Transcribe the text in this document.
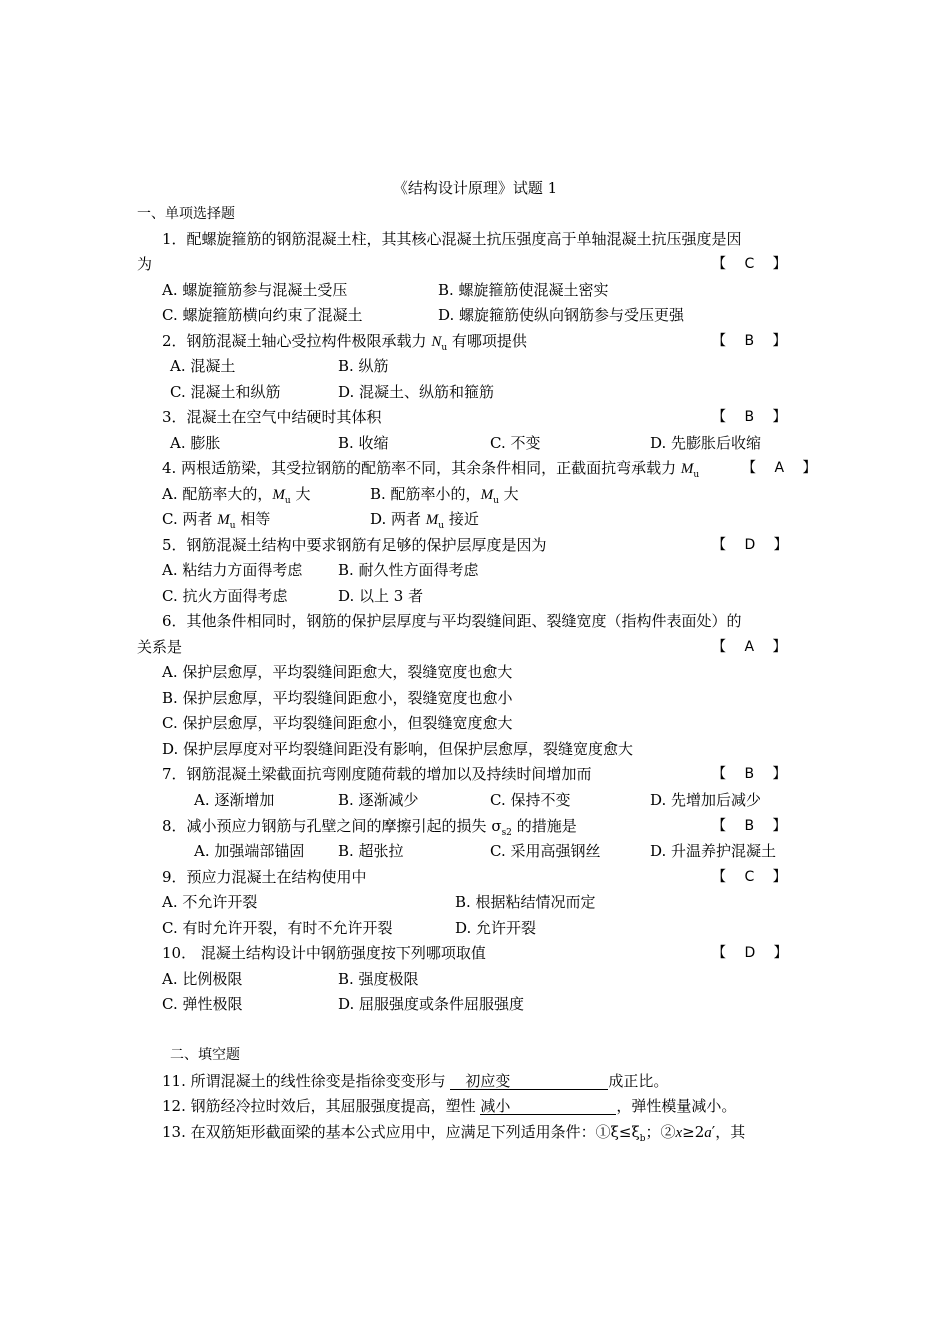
《结构设计原理》试题 1
一、单项选择题
1．配螺旋箍筋的钢筋混凝土柱，其其核心混凝土抗压强度高于单轴混凝土抗压强度是因
为	【　 C　 】
A. 螺旋箍筋参与混凝土受压	B. 螺旋箍筋使混凝土密实
C. 螺旋箍筋横向约束了混凝土	D. 螺旋箍筋使纵向钢筋参与受压更强
2．钢筋混凝土轴心受拉构件极限承载力 $N_u$ 有哪项提供	【　 B　 】
A. 混凝土	B. 纵筋
C. 混凝土和纵筋	D. 混凝土、纵筋和箍筋
3．混凝土在空气中结硬时其体积	【　 B　 】
A. 膨胀	B. 收缩	C. 不变	D. 先膨胀后收缩
4. 两根适筋梁，其受拉钢筋的配筋率不同，其余条件相同，正截面抗弯承载力 $M_u$	【　 A　 】
A. 配筋率大的，$M_u$ 大	B. 配筋率小的，$M_u$ 大
C. 两者 $M_u$ 相等	D. 两者 $M_u$ 接近
5．钢筋混凝土结构中要求钢筋有足够的保护层厚度是因为	【　 D　 】
A. 粘结力方面得考虑 B. 耐久性方面得考虑
C. 抗火方面得考虑	D. 以上 3 者
6．其他条件相同时，钢筋的保护层厚度与平均裂缝间距、裂缝宽度（指构件表面处）的
关系是	【　 A　 】
A. 保护层愈厚，平均裂缝间距愈大，裂缝宽度也愈大
B. 保护层愈厚，平均裂缝间距愈小，裂缝宽度也愈小
C. 保护层愈厚，平均裂缝间距愈小，但裂缝宽度愈大
D. 保护层厚度对平均裂缝间距没有影响，但保护层愈厚，裂缝宽度愈大
7．钢筋混凝土梁截面抗弯刚度随荷载的增加以及持续时间增加而	【　 B　 】
A. 逐渐增加	B. 逐渐减少	C. 保持不变	D. 先增加后减少
8．减小预应力钢筋与孔壁之间的摩擦引起的损失 $\sigma_{s2}$ 的措施是	【　 B　 】
A. 加强端部锚固 B. 超张拉	C. 采用高强钢丝	D. 升温养护混凝土
9．预应力混凝土在结构使用中	【　 C　 】
A. 不允许开裂	B. 根据粘结情况而定
C. 有时允许开裂，有时不允许开裂	D. 允许开裂
10． 混凝土结构设计中钢筋强度按下列哪项取值	【　 D　 】
A. 比例极限	B. 强度极限
C. 弹性极限	D. 屈服强度或条件屈服强度
二、填空题
11. 所谓混凝土的线性徐变是指徐变变形与 　初应变	成正比。
12. 钢筋经冷拉时效后，其屈服强度提高，塑性 减小	，弹性模量减小。
13. 在双筋矩形截面梁的基本公式应用中，应满足下列适用条件：$①\xi\le\xi_b$；②x≥2a′，其
